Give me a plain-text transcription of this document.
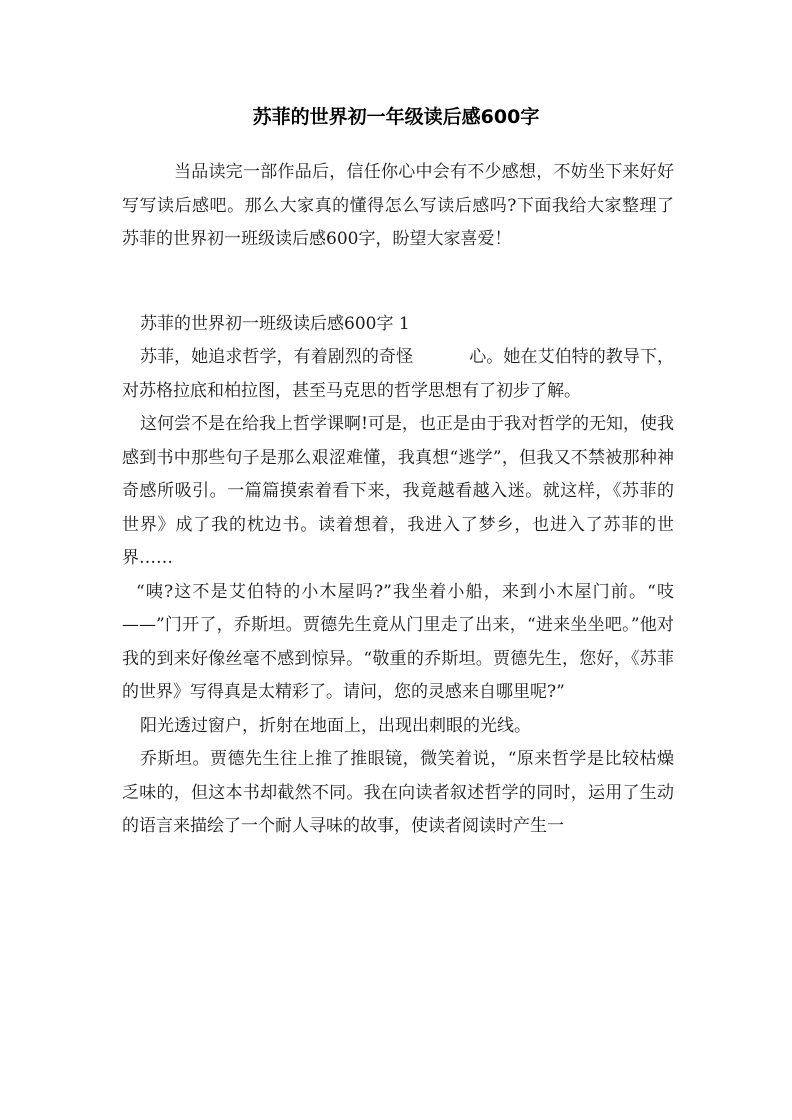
苏菲的世界初一年级读后感600字

当品读完一部作品后，信任你心中会有不少感想，不妨坐下来好好写写读后感吧。那么大家真的懂得怎么写读后感吗?下面我给大家整理了苏菲的世界初一班级读后感600字，盼望大家喜爱！

苏菲的世界初一班级读后感600字 1

苏菲，她追求哲学，有着剧烈的奇怪	心。她在艾伯特的教导下，对苏格拉底和柏拉图，甚至马克思的哲学思想有了初步了解。

这何尝不是在给我上哲学课啊!可是，也正是由于我对哲学的无知，使我感到书中那些句子是那么艰涩难懂，我真想“逃学”，但我又不禁被那种神奇感所吸引。一篇篇摸索着看下来，我竟越看越入迷。就这样，《苏菲的世界》成了我的枕边书。读着想着，我进入了梦乡，也进入了苏菲的世界……

“咦?这不是艾伯特的小木屋吗?”我坐着小船，来到小木屋门前。“吱——”门开了，乔斯坦。贾德先生竟从门里走了出来，“进来坐坐吧。”他对我的到来好像丝毫不感到惊异。“敬重的乔斯坦。贾德先生，您好，《苏菲的世界》写得真是太精彩了。请问，您的灵感来自哪里呢?”

阳光透过窗户，折射在地面上，出现出刺眼的光线。

乔斯坦。贾德先生往上推了推眼镜，微笑着说，“原来哲学是比较枯燥乏味的，但这本书却截然不同。我在向读者叙述哲学的同时，运用了生动的语言来描绘了一个耐人寻味的故事，使读者阅读时产生一
